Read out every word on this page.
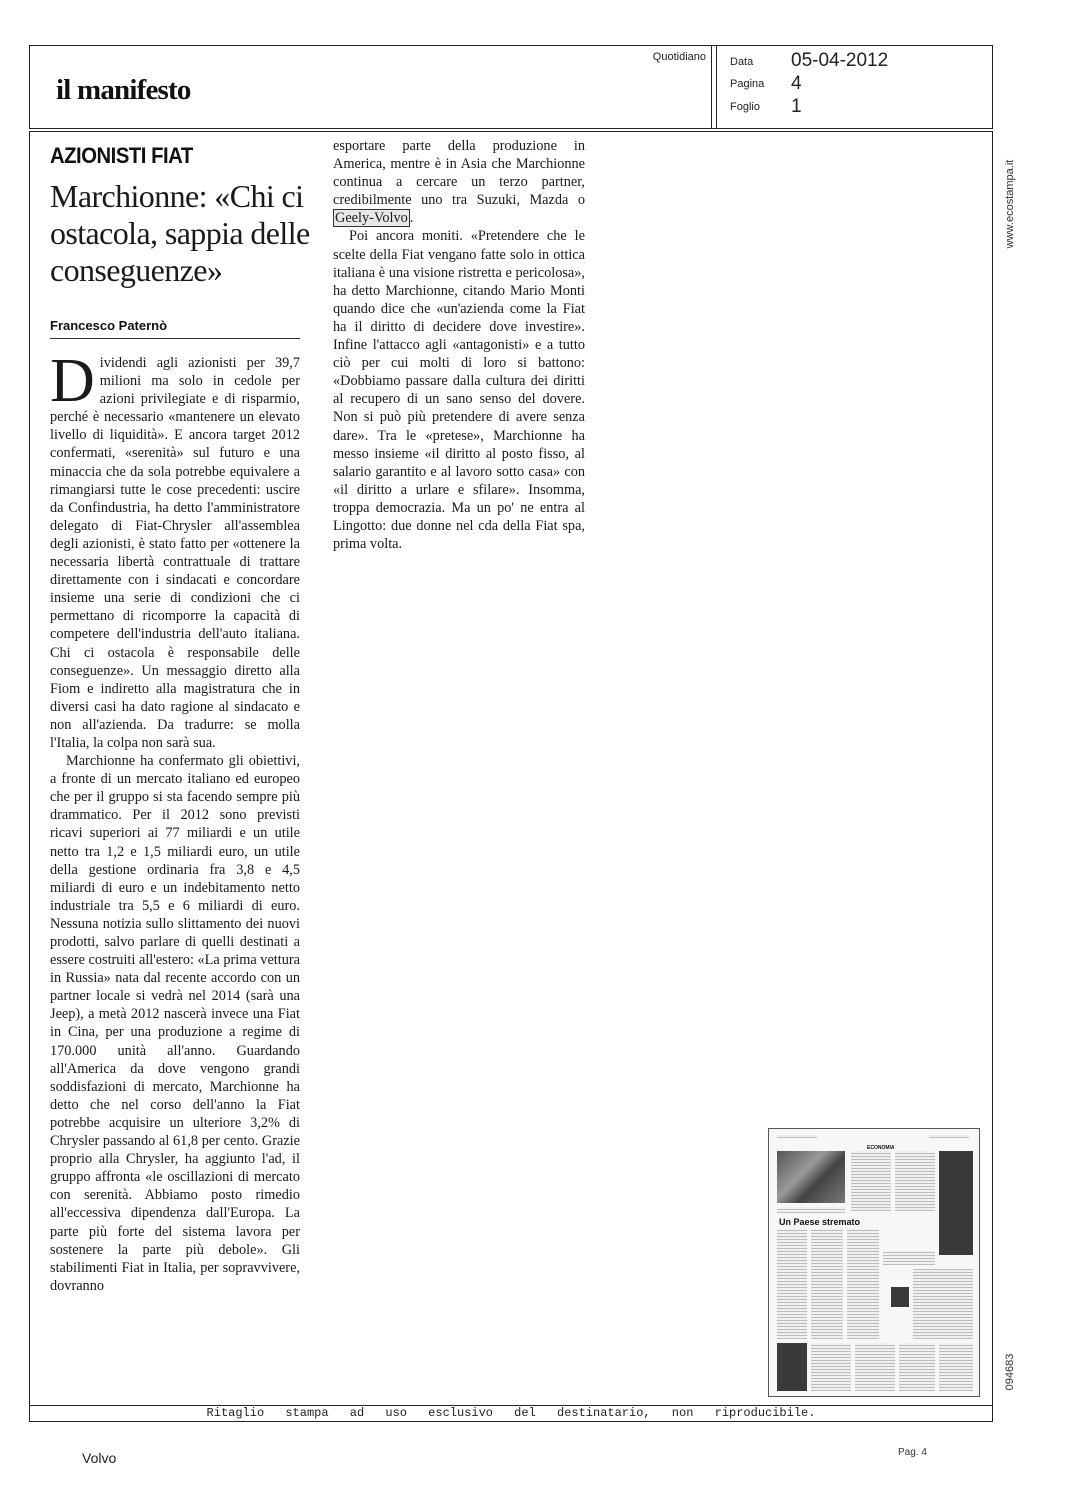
il manifesto
Quotidiano Data 05-04-2012
Pagina 4
Foglio 1
Ritaglio stampa ad uso esclusivo del destinatario, non riproducibile.
www.ecostampa.it
094683
AZIONISTI FIAT
Marchionne: «Chi ci ostacola, sappia delle conseguenze»
Francesco Paternò

Dividendi agli azionisti per 39,7 milioni ma solo in cedole per azioni privilegiate e di risparmio, perché è necessario «mantenere un elevato livello di liquidità». E ancora target 2012 confermati, «serenità» sul futuro e una minaccia che da sola potrebbe equivalere a rimangiarsi tutte le cose precedenti: uscire da Confindustria, ha detto l'amministratore delegato di Fiat-Chrysler all'assemblea degli azionisti, è stato fatto per «ottenere la necessaria libertà contrattuale di trattare direttamente con i sindacati e concordare insieme una serie di condizioni che ci permettano di ricomporre la capacità di competere dell'industria dell'auto italiana. Chi ci ostacola è responsabile delle conseguenze». Un messaggio diretto alla Fiom e indiretto alla magistratura che in diversi casi ha dato ragione al sindacato e non all'azienda. Da tradurre: se molla l'Italia, la colpa non sarà sua.

Marchionne ha confermato gli obiettivi, a fronte di un mercato italiano ed europeo che per il gruppo si sta facendo sempre più drammatico. Per il 2012 sono previsti ricavi superiori ai 77 miliardi e un utile netto tra 1,2 e 1,5 miliardi euro, un utile della gestione ordinaria fra 3,8 e 4,5 miliardi di euro e un indebitamento netto industriale tra 5,5 e 6 miliardi di euro. Nessuna notizia sullo slittamento dei nuovi prodotti, salvo parlare di quelli destinati a essere costruiti all'estero: «La prima vettura in Russia» nata dal recente accordo con un partner locale si vedrà nel 2014 (sarà una Jeep), a metà 2012 nascerà invece una Fiat in Cina, per una produzione a regime di 170.000 unità all'anno. Guardando all'America da dove vengono grandi soddisfazioni di mercato, Marchionne ha detto che nel corso dell'anno la Fiat potrebbe acquisire un ulteriore 3,2% di Chrysler passando al 61,8 per cento. Grazie proprio alla Chrysler, ha aggiunto l'ad, il gruppo affronta «le oscillazioni di mercato con serenità. Abbiamo posto rimedio all'eccessiva dipendenza dall'Europa. La parte più forte del sistema lavora per sostenere la parte più debole». Gli stabilimenti Fiat in Italia, per sopravvivere, dovranno

esportare parte della produzione in America, mentre è in Asia che Marchionne continua a cercare un terzo partner, credibilmente uno tra Suzuki, Mazda o Geely-Volvo .

Poi ancora moniti. «Pretendere che le scelte della Fiat vengano fatte solo in ottica italiana è una visione ristretta e pericolosa», ha detto Marchionne, citando Mario Monti quando dice che «un'azienda come la Fiat ha il diritto di decidere dove investire». Infine l'attacco agli «antagonisti» e a tutto ciò per cui molti di loro si battono: «Dobbiamo passare dalla cultura dei diritti al recupero di un sano senso del dovere. Non si può più pretendere di avere senza dare». Tra le «pretese», Marchionne ha messo insieme «il diritto al posto fisso, al salario garantito e al lavoro sotto casa» con «il diritto a urlare e sfilare». Insomma, troppa democrazia. Ma un po' ne entra al Lingotto: due donne nel cda della Fiat spa, prima volta.

ECONOMIA
Un Paese stremato
Volvo	Pag. 4
